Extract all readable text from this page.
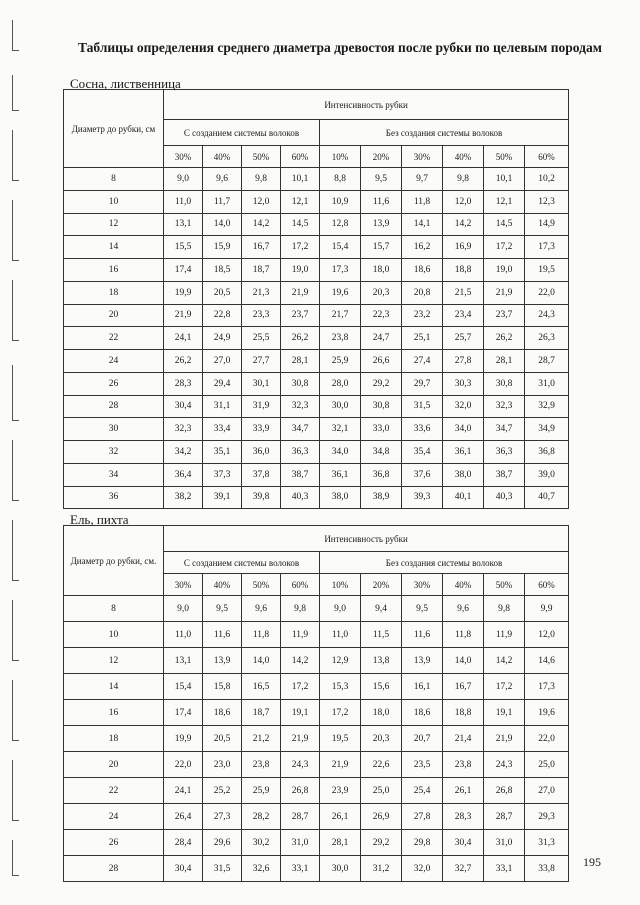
Таблицы определения среднего диаметра древостоя после рубки по целевым породам
Сосна, лиственница
Диаметр до рубки, см	Интенсивность рубки									
	С созданием системы волоков				Без создания системы волоков					
	30%	40%	50%	60%	10%	20%	30%	40%	50%	60%
8	9,0	9,6	9,8	10,1	8,8	9,5	9,7	9,8	10,1	10,2
10	11,0	11,7	12,0	12,1	10,9	11,6	11,8	12,0	12,1	12,3
12	13,1	14,0	14,2	14,5	12,8	13,9	14,1	14,2	14,5	14,9
14	15,5	15,9	16,7	17,2	15,4	15,7	16,2	16,9	17,2	17,3
16	17,4	18,5	18,7	19,0	17,3	18,0	18,6	18,8	19,0	19,5
18	19,9	20,5	21,3	21,9	19,6	20,3	20,8	21,5	21,9	22,0
20	21,9	22,8	23,3	23,7	21,7	22,3	23,2	23,4	23,7	24,3
22	24,1	24,9	25,5	26,2	23,8	24,7	25,1	25,7	26,2	26,3
24	26,2	27,0	27,7	28,1	25,9	26,6	27,4	27,8	28,1	28,7
26	28,3	29,4	30,1	30,8	28,0	29,2	29,7	30,3	30,8	31,0
28	30,4	31,1	31,9	32,3	30,0	30,8	31,5	32,0	32,3	32,9
30	32,3	33,4	33,9	34,7	32,1	33,0	33,6	34,0	34,7	34,9
32	34,2	35,1	36,0	36,3	34,0	34,8	35,4	36,1	36,3	36,8
34	36,4	37,3	37,8	38,7	36,1	36,8	37,6	38,0	38,7	39,0
36	38,2	39,1	39,8	40,3	38,0	38,9	39,3	40,1	40,3	40,7
Ель, пихта
Диаметр до рубки, см.	Интенсивность рубки									
	С созданием системы волоков				Без создания системы волоков					
	30%	40%	50%	60%	10%	20%	30%	40%	50%	60%
8	9,0	9,5	9,6	9,8	9,0	9,4	9,5	9,6	9,8	9,9
10	11,0	11,6	11,8	11,9	11,0	11,5	11,6	11,8	11,9	12,0
12	13,1	13,9	14,0	14,2	12,9	13,8	13,9	14,0	14,2	14,6
14	15,4	15,8	16,5	17,2	15,3	15,6	16,1	16,7	17,2	17,3
16	17,4	18,6	18,7	19,1	17,2	18,0	18,6	18,8	19,1	19,6
18	19,9	20,5	21,2	21,9	19,5	20,3	20,7	21,4	21,9	22,0
20	22,0	23,0	23,8	24,3	21,9	22,6	23,5	23,8	24,3	25,0
22	24,1	25,2	25,9	26,8	23,9	25,0	25,4	26,1	26,8	27,0
24	26,4	27,3	28,2	28,7	26,1	26,9	27,8	28,3	28,7	29,3
26	28,4	29,6	30,2	31,0	28,1	29,2	29,8	30,4	31,0	31,3
28	30,4	31,5	32,6	33,1	30,0	31,2	32,0	32,7	33,1	33,8 195
